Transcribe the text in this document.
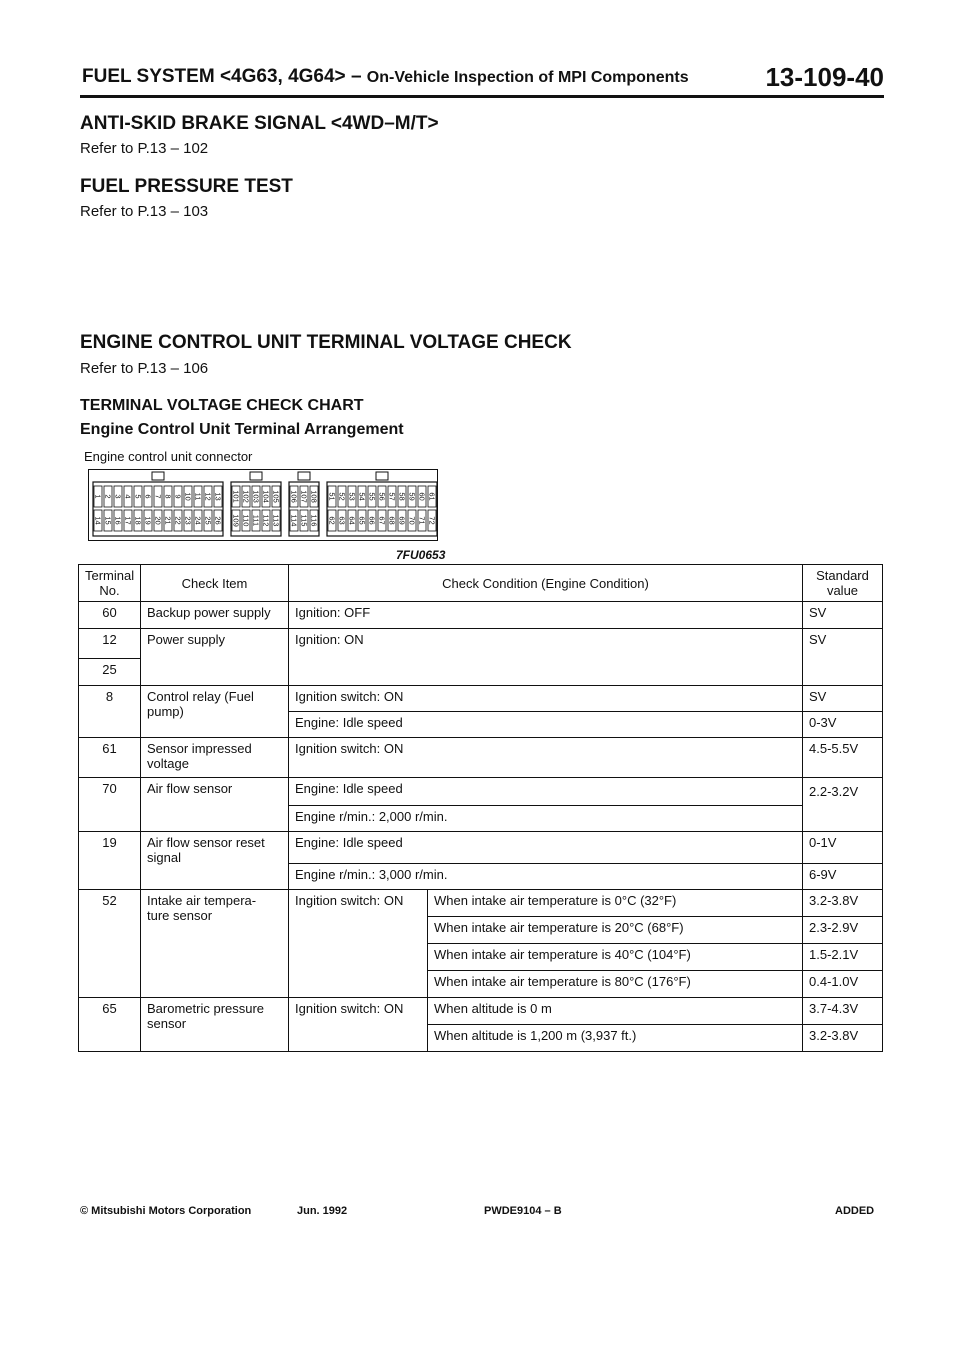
FUEL SYSTEM <4G63, 4G64> – On-Vehicle Inspection of MPI Components	13-109-40
ANTI-SKID BRAKE SIGNAL <4WD–M/T>
Refer to P.13 – 102
FUEL PRESSURE TEST
Refer to P.13 – 103
ENGINE CONTROL UNIT TERMINAL VOLTAGE CHECK
Refer to P.13 – 106
TERMINAL VOLTAGE CHECK CHART
Engine Control Unit Terminal Arrangement
Engine control unit connector
1 2 3 4 5 6 7 8 9 10 11 12 13
14 15 16 17 18 19 20 21 22 23 24 25 26
101 102 103 104 105
109 110 111 112 113
106 107 108
114 115 116
51 52 53 54 55 56 57 58 59 60 61
62 63 64 65 66 67 68 69 70 71 72
7FU0653
Terminal No.	Check Item	Check Condition (Engine Condition)		Standard value
60	Backup power supply	Ignition: OFF		SV
12	Power supply	Ignition: ON		SV
25				
8	Control relay (Fuel pump)	Ignition switch: ON		SV
		Engine: Idle speed		0-3V
61	Sensor impressed voltage	Ignition switch: ON		4.5-5.5V
70	Air flow sensor	Engine: Idle speed		2.2-3.2V
		Engine r/min.: 2,000 r/min.		
19	Air flow sensor reset signal	Engine: Idle speed		0-1V
		Engine r/min.: 3,000 r/min.		6-9V
52	Intake air tempera- ture sensor	Ingition switch: ON	When intake air temperature is 0°C (32°F)	3.2-3.8V
			When intake air temperature is 20°C (68°F)	2.3-2.9V
			When intake air temperature is 40°C (104°F)	1.5-2.1V
			When intake air temperature is 80°C (176°F)	0.4-1.0V
65	Barometric pressure sensor	Ignition switch: ON	When altitude is 0 m	3.7-4.3V
			When altitude is 1,200 m (3,937 ft.)	3.2-3.8V
© Mitsubishi Motors Corporation	Jun. 1992	PWDE9104 – B	ADDED
